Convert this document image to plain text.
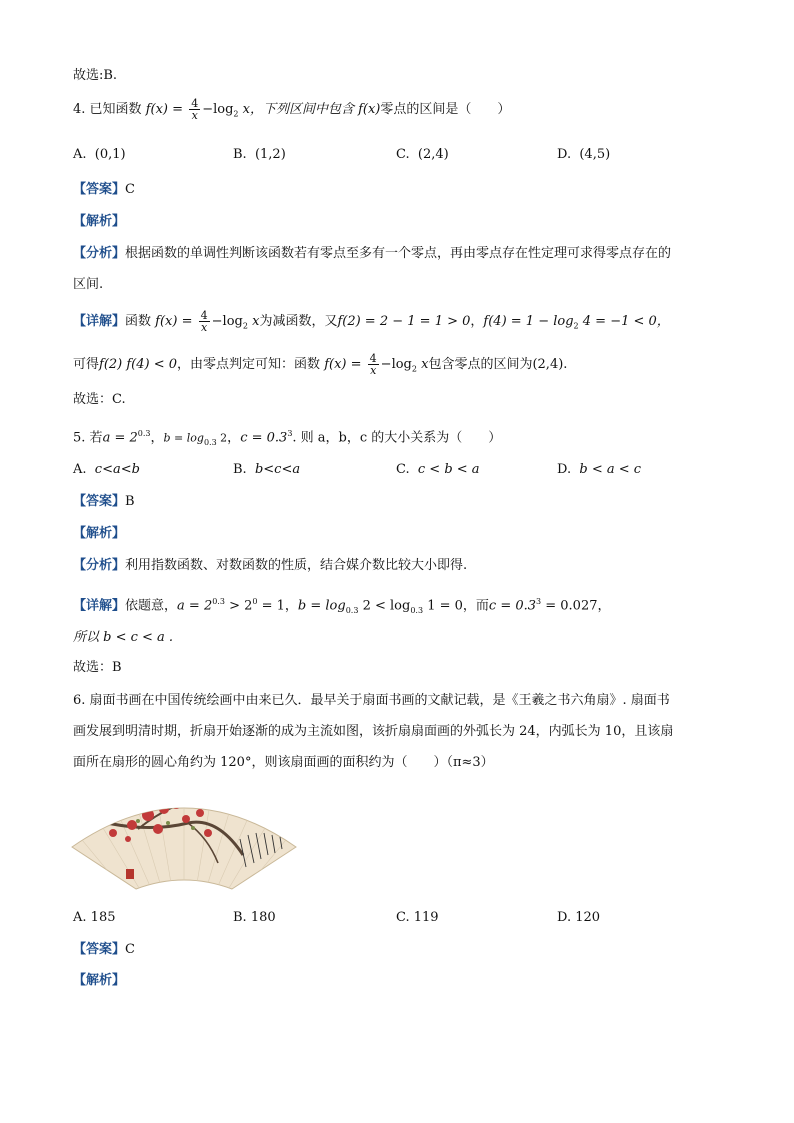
故选:B.
4. 已知函数 $f(x) = \frac{4}{x} -\log_2$ x，下列区间中包含 f(x)零点的区间是（　　）
A. (0,1)	B. (1,2)	C. (2,4)	D. (4,5)
【答案】C
【解析】
【分析】根据函数的单调性判断该函数若有零点至多有一个零点，再由零点存在性定理可求得零点存在的
区间.
【详解】函数 $f(x) = \frac{4}{x} -\log_2$ x为减函数，又f(2) = 2 − 1 = 1 > 0，$f(4) = 1 - \log_2 4 = -1 < 0$，
可得f(2) f(4) < 0，由零点判定可知：函数 $f(x) = \frac{4}{x} -\log_2$ x包含零点的区间为(2,4).
故选：C.
5. 若$a = 2^{0.3}$，$b = \log_{0.3} 2$，$c = 0.3^3$. 则 a，b，c 的大小关系为（　　）
A. c<a<b	B. b<c<a	C. c < b < a	D. b < a < c
【答案】B
【解析】
【分析】利用指数函数、对数函数的性质，结合媒介数比较大小即得.
【详解】依题意，$a = 2^{0.3} > 2^0 = 1$，$b = \log_{0.3} 2 < \log_{0.3} 1 = 0$，而$c = 0.3^3 = 0.027$，
所以 b < c < a .
故选：B
6. 扇面书画在中国传统绘画中由来已久．最早关于扇面书画的文献记载，是《王羲之书六角扇》. 扇面书
画发展到明清时期，折扇开始逐渐的成为主流如图，该折扇扇面画的外弧长为 24，内弧长为 10，且该扇
面所在扇形的圆心角约为 120°，则该扇面画的面积约为（　　）（π≈3）
A. 185	B. 180	C. 119	D. 120
【答案】C
【解析】
